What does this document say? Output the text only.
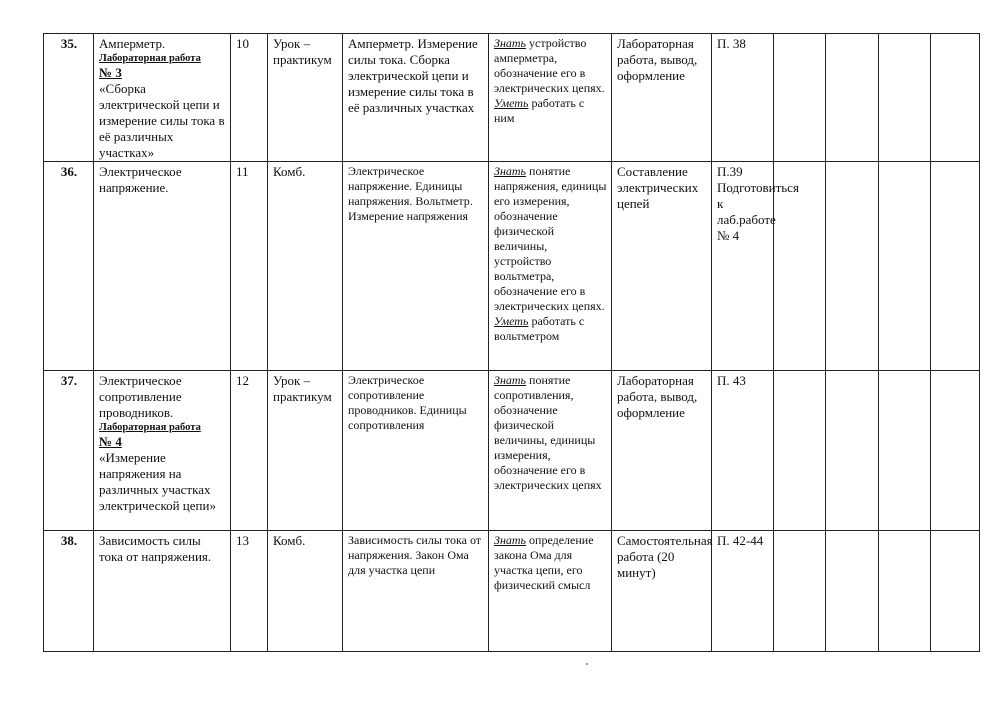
35.	Амперметр.
Лабораторная работа
№ 3
«Сборка электрической цепи и измерение силы тока в её различных участках»	10	Урок – практикум	Амперметр. Измерение силы тока. Сборка электрической цепи и измерение силы тока в её различных участках	Знать устройство амперметра, обозначение его в электрических цепях.
Уметь работать с ним	Лабораторная работа, вывод, оформление	П. 38				
36.	Электрическое напряжение.	11	Комб.	Электрическое напряжение. Единицы напряжения. Вольтметр. Измерение напряжения	Знать понятие напряжения, единицы его измерения, обозначение физической величины, устройство вольтметра, обозначение его в электрических цепях.
Уметь работать с вольтметром	Составление электрических цепей	П.39 Подготовиться к лаб.работе № 4				
37.	Электрическое сопротивление проводников.
Лабораторная работа
№ 4
«Измерение напряжения на различных участках электрической цепи»	12	Урок – практикум	Электрическое сопротивление проводников. Единицы сопротивления	Знать понятие сопротивления, обозначение физической величины, единицы измерения, обозначение его в электрических цепях	Лабораторная работа, вывод, оформление	П. 43				
38.	Зависимость силы тока от напряжения.	13	Комб.	Зависимость силы тока от напряжения. Закон Ома для участка цепи	Знать определение закона Ома для участка цепи, его физический смысл	Самостоятельная работа (20 минут)	П. 42-44				
